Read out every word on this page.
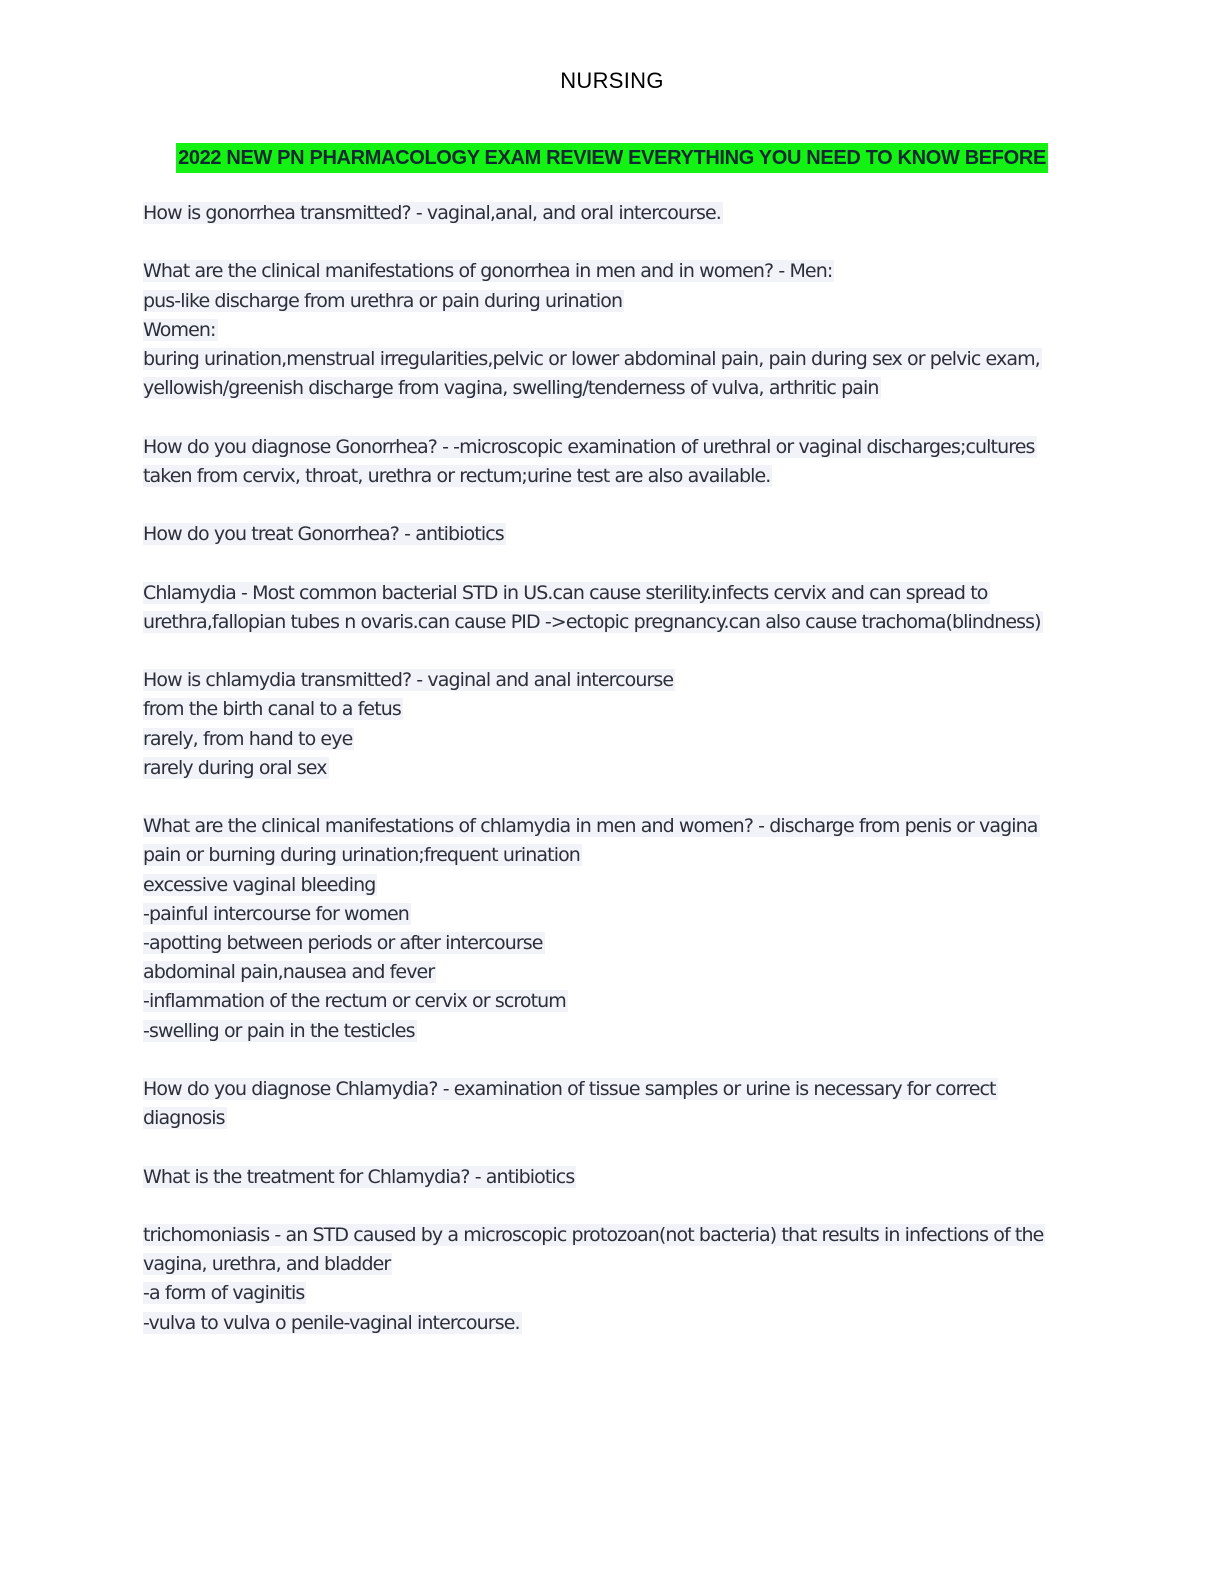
NURSING
2022 NEW PN PHARMACOLOGY EXAM REVIEW EVERYTHING YOU NEED TO KNOW BEFORE
How is gonorrhea transmitted? - vaginal,anal, and oral intercourse.
What are the clinical manifestations of gonorrhea in men and in women? - Men:
pus-like discharge from urethra or pain during urination
Women:
buring urination,menstrual irregularities,pelvic or lower abdominal pain, pain during sex or pelvic exam, yellowish/greenish discharge from vagina, swelling/tenderness of vulva, arthritic pain
How do you diagnose Gonorrhea? - -microscopic examination of urethral or vaginal discharges;cultures taken from cervix, throat, urethra or rectum;urine test are also available.
How do you treat Gonorrhea? - antibiotics
Chlamydia - Most common bacterial STD in US.can cause sterility.infects cervix and can spread to urethra,fallopian tubes n ovaris.can cause PID ->ectopic pregnancy.can also cause trachoma(blindness)
How is chlamydia transmitted? - vaginal and anal intercourse
from the birth canal to a fetus
rarely, from hand to eye
rarely during oral sex
What are the clinical manifestations of chlamydia in men and women? - discharge from penis or vagina
pain or burning during urination;frequent urination
excessive vaginal bleeding
-painful intercourse for women
-apotting between periods or after intercourse
abdominal pain,nausea and fever
-inflammation of the rectum or cervix or scrotum
-swelling or pain in the testicles
How do you diagnose Chlamydia? - examination of tissue samples or urine is necessary for correct diagnosis
What is the treatment for Chlamydia? - antibiotics
trichomoniasis - an STD caused by a microscopic protozoan(not bacteria) that results in infections of the vagina, urethra, and bladder
-a form of vaginitis
-vulva to vulva o penile-vaginal intercourse.
